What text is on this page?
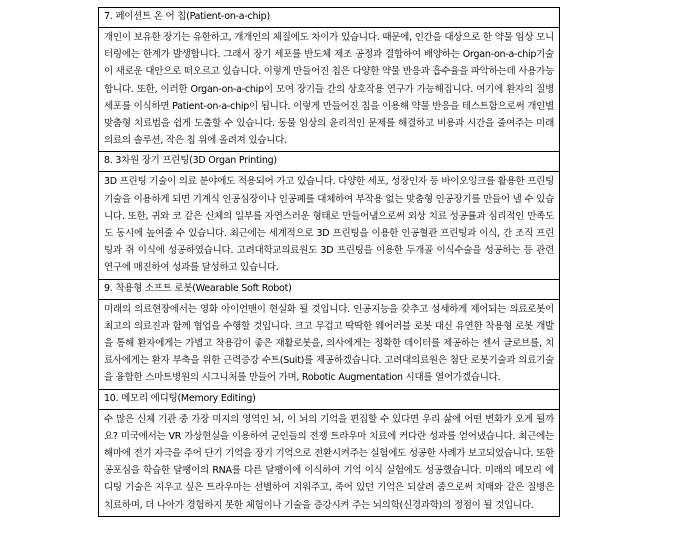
7. 페이션트 온 어 칩(Patient-on-a-chip)

개인이 보유한 장기는 유한하고, 개개인의 체질에도 차이가 있습니다. 때문에, 인간을 대상으로 한 약물 임상 모니터링에는 한계가 발생합니다. 그래서 장기 세포를 반도체 제조 공정과 결합하여 배양하는 Organ-on-a-chip기술이 새로운 대안으로 떠오르고 있습니다. 이렇게 만들어진 칩은 다양한 약물 반응과 흡수율을 파악하는데 사용가능합니다. 또한, 이러한 Organ-on-a-chip이 모여 장기들 간의 상호작용 연구가 가능해집니다. 여기에 환자의 질병 세포를 이식하면 Patient-on-a-chip이 됩니다. 이렇게 만들어진 칩을 이용해 약물 반응을 테스트함으로써 개인별 맞춤형 치료법을 쉽게 도출할 수 있습니다. 동물 임상의 윤리적인 문제를 해결하고 비용과 시간을 줄여주는 미래 의료의 솔루션, 작은 칩 위에 올려져 있습니다.

8. 3차원 장기 프린팅(3D Organ Printing)

3D 프린팅 기술이 의료 분야에도 적용되어 가고 있습니다. 다양한 세포, 성장인자 등 바이오잉크를 활용한 프린팅 기술을 이용하게 되면 기계식 인공심장이나 인공폐를 대체하여 부작용 없는 맞춤형 인공장기를 만들어 낼 수 있습니다. 또한, 귀와 코 같은 신체의 일부를 자연스러운 형태로 만들어냄으로써 외상 치료 성공률과 심리적인 만족도도 동시에 높여줄 수 있습니다. 최근에는 세계적으로 3D 프린팅을 이용한 인공혈관 프린팅과 이식, 간 조직 프린팅과 쥐 이식에 성공하였습니다. 고려대학교의료원도 3D 프린팅을 이용한 두개골 이식수술을 성공하는 등 관련연구에 매진하여 성과를 달성하고 있습니다.

9. 착용형 소프트 로봇(Wearable Soft Robot)

미래의 의료현장에서는 영화 아이언맨이 현실화 될 것입니다. 인공지능을 갖추고 섬세하게 제어되는 의료로봇이 최고의 의료진과 함께 협업을 수행할 것입니다. 크고 무겁고 딱딱한 웨어러블 로봇 대신 유연한 착용형 로봇 개발을 통해 환자에게는 가볍고 착용감이 좋은 재활로봇을, 의사에게는 정확한 데이터를 제공하는 센서 글로브를, 치료사에게는 환자 부축을 위한 근력증강 수트(Suit)를 제공하겠습니다. 고려대의료원은 첨단 로봇기술과 의료기술을 융합한 스마트병원의 시그니처를 만들어 가며, Robotic Augmentation 시대를 열어가겠습니다.

10. 메모리 에디팅(Memory Editing)

수 많은 신체 기관 중 가장 미지의 영역인 뇌, 이 뇌의 기억을 편집할 수 있다면 우리 삶에 어떤 변화가 오게 될까요? 미국에서는 VR 가상현실을 이용하여 군인들의 전쟁 트라우마 치료에 커다란 성과를 얻어냈습니다. 최근에는 해마에 전기 자극을 주어 단기 기억을 장기 기억으로 전환시켜주는 실험에도 성공한 사례가 보고되었습니다. 또한 공포심을 학습한 달팽이의 RNA를 다른 달팽이에 이식하여 기억 이식 실험에도 성공했습니다. 미래의 메모리 에디팅 기술은 지우고 싶은 트라우마는 선별하여 지워주고, 죽어 있던 기억은 되살려 줌으로써 치매와 같은 질병은 치료하며, 더 나아가 경험하지 못한 체험이나 기술을 증강시켜 주는 뇌의학(신경과학)의 정점이 될 것입니다.
